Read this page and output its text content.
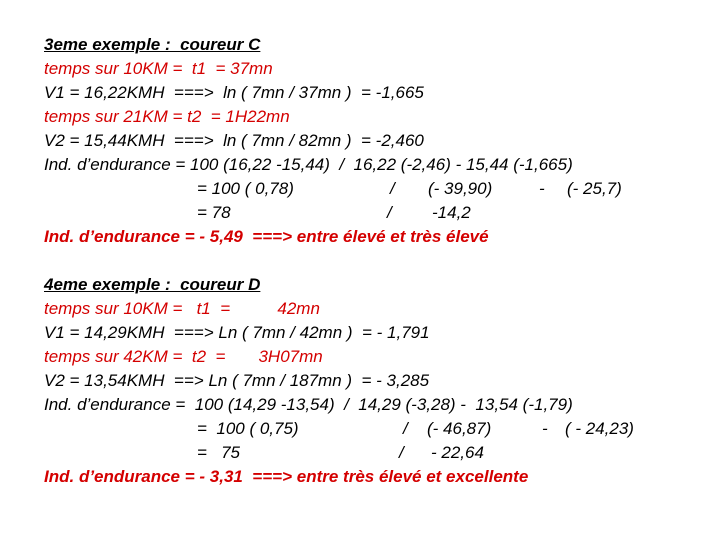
3eme exemple :  coureur C
temps sur 10KM =  t1  = 37mn
V1 = 16,22KMH  ===>  ln ( 7mn / 37mn )  = -1,665
temps sur 21KM = t2  = 1H22mn
V2 = 15,44KMH  ===>  ln ( 7mn / 82mn )  = -2,460
Ind. d’endurance = 100 (16,22 -15,44)  /  16,22 (-2,46) - 15,44 (-1,665)
= 100 ( 0,78)	/ (- 39,90)	- (- 25,7)
= 78	/ -14,2
Ind. d’endurance = - 5,49  ===> entre élevé et très élevé
4eme exemple :  coureur D
temps sur 10KM =   t1  =          42mn
V1 = 14,29KMH  ===> Ln ( 7mn / 42mn )  = - 1,791
temps sur 42KM =  t2  =       3H07mn
V2 = 13,54KMH  ==> Ln ( 7mn / 187mn )  = - 3,285
Ind. d’endurance =  100 (14,29 -13,54)  /  14,29 (-3,28) -  13,54 (-1,79)
=  100 ( 0,75)	/ (- 46,87)	- ( - 24,23)
=   75	/ - 22,64
Ind. d’endurance = - 3,31  ===> entre très élevé et excellente
